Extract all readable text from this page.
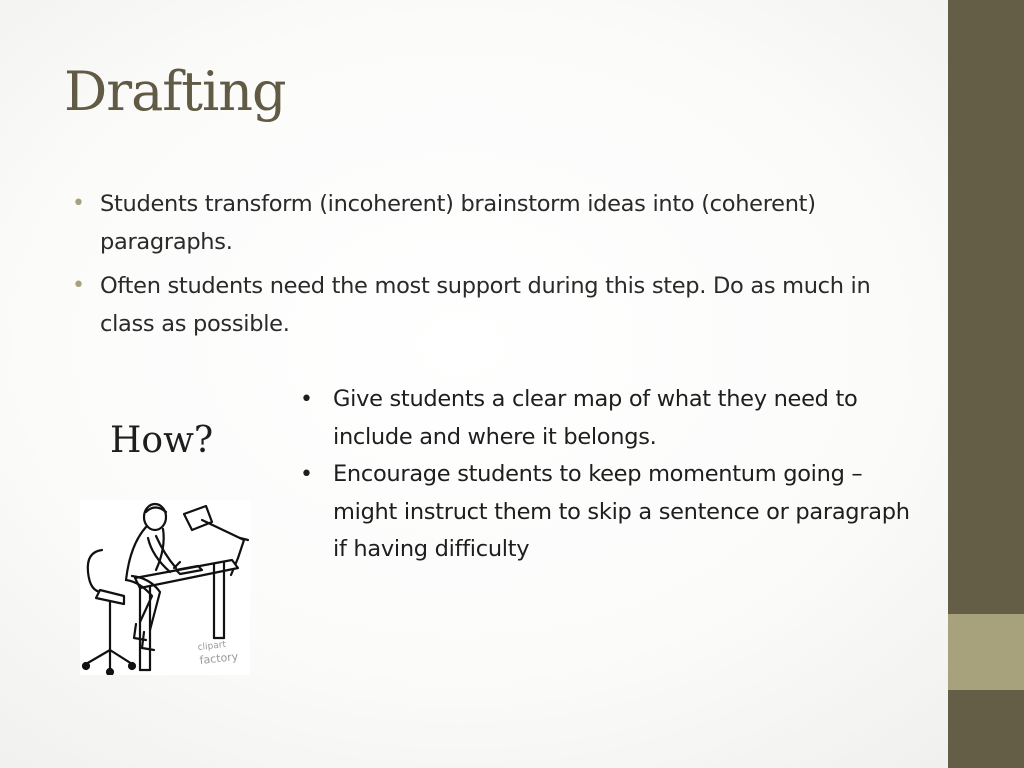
Drafting
• Students transform (incoherent) brainstorm ideas into (coherent) paragraphs.
• Often students need the most support during this step. Do as much in class as possible.
How?
clipart
factory
• Give students a clear map of what they need to include and where it belongs.
• Encourage students to keep momentum going – might instruct them to skip a sentence or paragraph if having difficulty
